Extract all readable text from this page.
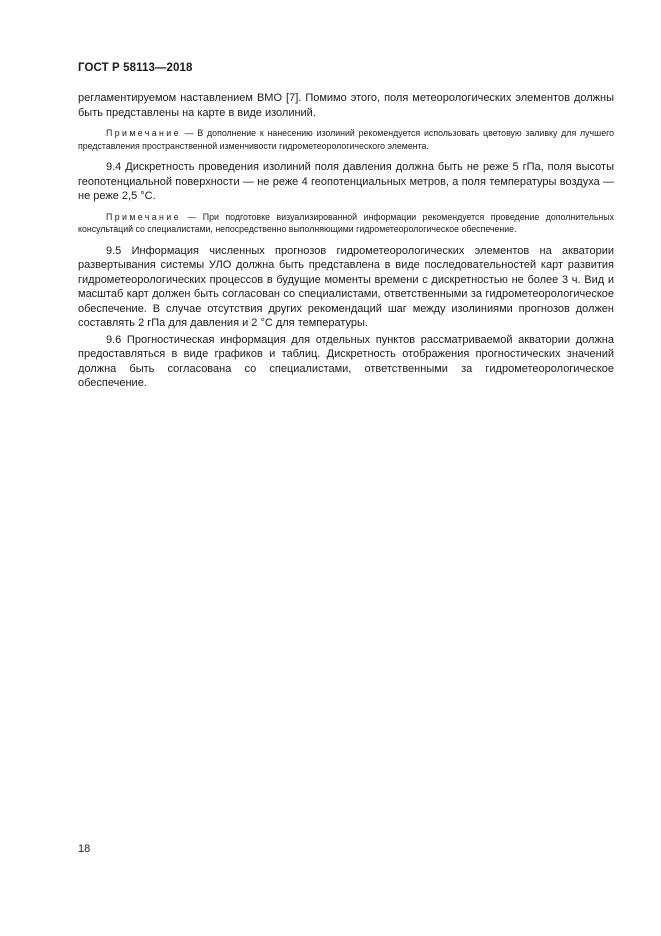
ГОСТ Р 58113—2018

регламентируемом наставлением ВМО [7]. Помимо этого, поля метеорологических элементов должны быть представлены на карте в виде изолиний.

Примечание — В дополнение к нанесению изолиний рекомендуется использовать цветовую заливку для лучшего представления пространственной изменчивости гидрометеорологического элемента.

9.4 Дискретность проведения изолиний поля давления должна быть не реже 5 гПа, поля высоты геопотенциальной поверхности — не реже 4 геопотенциальных метров, а поля температуры воздуха — не реже 2,5 °С.

Примечание — При подготовке визуализированной информации рекомендуется проведение дополнительных консультаций со специалистами, непосредственно выполняющими гидрометеорологическое обеспечение.

9.5 Информация численных прогнозов гидрометеорологических элементов на акватории развертывания системы УЛО должна быть представлена в виде последовательностей карт развития гидрометеорологических процессов в будущие моменты времени с дискретностью не более 3 ч. Вид и масштаб карт должен быть согласован со специалистами, ответственными за гидрометеорологическое обеспечение. В случае отсутствия других рекомендаций шаг между изолиниями прогнозов должен составлять 2 гПа для давления и 2 °С для температуры.

9.6 Прогностическая информация для отдельных пунктов рассматриваемой акватории должна предоставляться в виде графиков и таблиц. Дискретность отображения прогностических значений должна быть согласована со специалистами, ответственными за гидрометеорологическое обеспечение.

18
